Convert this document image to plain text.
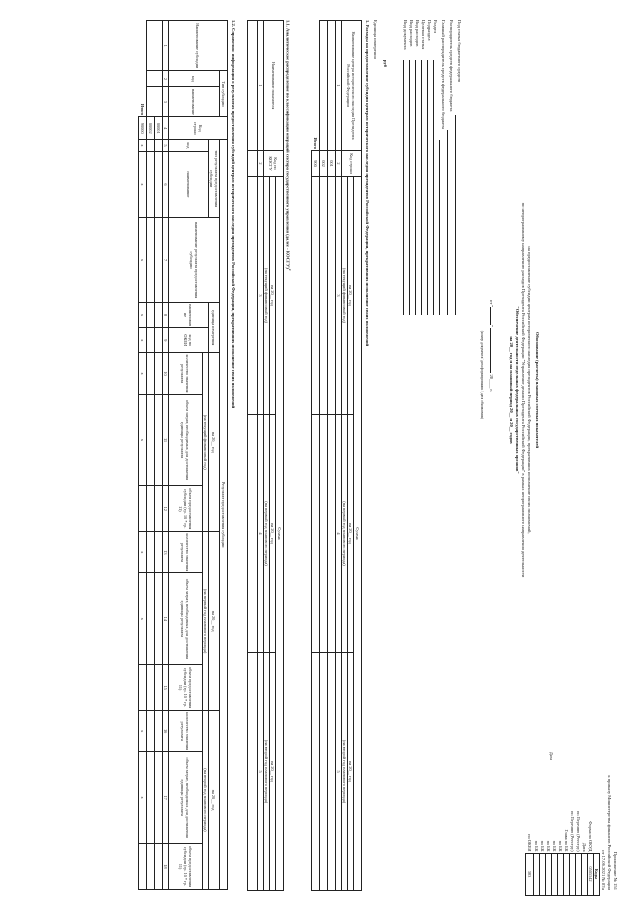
Приложение № 151
к приказу Министерства финансов Российской Федерации
от 17.06.2021 № 87н
Обоснование (расчеты) плановых сметных показателей
на предоставление субсидии центрам исторического наследия президентов Российской Федерации, прекративших исполнение своих полномочий,
по непрограммному направлению расходов Президента Российской Федерации "Управление делами Президента Российской Федерации" в рамках непрограммного направления деятельности
"Обеспечение деятельности отдельных федеральных государственных органов"
на 20__ год и на плановый период 20__ и 20__ годов
от ""  20____ г.
(номер документа/ дата формирования / дата обновления)
Под статья бюджетного средств
Распорядитель средств федерального бюджета
Главный распорядитель средств федерального бюджета
Раздел
Подраздел
Целевая статья
Вид расходов
Вид расходов
Вид документа
руб
Единица измерения
Дата
	Коды
Форма по ОКУД	0505542
Дата	
по Перечню (Реестру)	
по Перечню (Реестру)	
Глава по БК	
по БК	
по БК	
по БК	
по БК	
по БК	
по ОКЕИ	383
1. Расходы на предоставление субсидии центрам исторического наследия президентов Российской Федерации, прекративших исполнение своих полномочий
Наименование центра исторического наследия Президента Российской Федерации	Код строки	Сумма		
		на 20__ год	на 20__ год	на 20__ год
		(на текущий финансовый год)	(на первый год планового периода)	(на второй год планового периода)
1	2	3	4	5
	001			
	002			
Итого	900			
1.1. Аналитическое распределение по классификации операций сектора государственного управления (далее - КОСГУ)$^2$
Наименование показателя	Код по КОСГУ	Сумма		
		на 20__ год	на 20__ год	на 20__ год
		(на текущий финансовый год)	(на первый год планового периода)	(на второй год планового периода)
1	2	3	4	5

1.2. Справочно: информация о результатах предоставления субсидий центрам исторического наследия президентов Российской Федерации, прекративших исполнение своих полномочий
Наименование субсидии	Тип субсидии		Код строки	Результат предоставления субсидии													
	код	наименование		тип результата предоставления субсидии		наименование результата предоставления субсидии	единица измерения		на 20__ год			на 20__ год			на 20__ год		
				код	наименование		наименование	код по ОКЕИ	(на текущий финансовый год)			(на первый год планового периода)			(на второй год планового периода)		
									количество значения результата	объем затрат, необходимых для достижения единицы результата	объем предоставления субсидии (гр. 10 * гр. 11)	количество значения результата	объем затрат, необходимых для достижения единицы результата	объем предоставления субсидии (гр. 10 * гр. 11)	количество значения результата	объем затрат, необходимых для достижения единицы результата	объем предоставления субсидии (гр. 10 * гр. 11)
1	2	3	4	5	6	7	8	9	10	11	12	13	14	15	16	17	18
			00001														
			00002														
Итого			90000	x	x	x	x	x	x	x		x	x		x	x	
